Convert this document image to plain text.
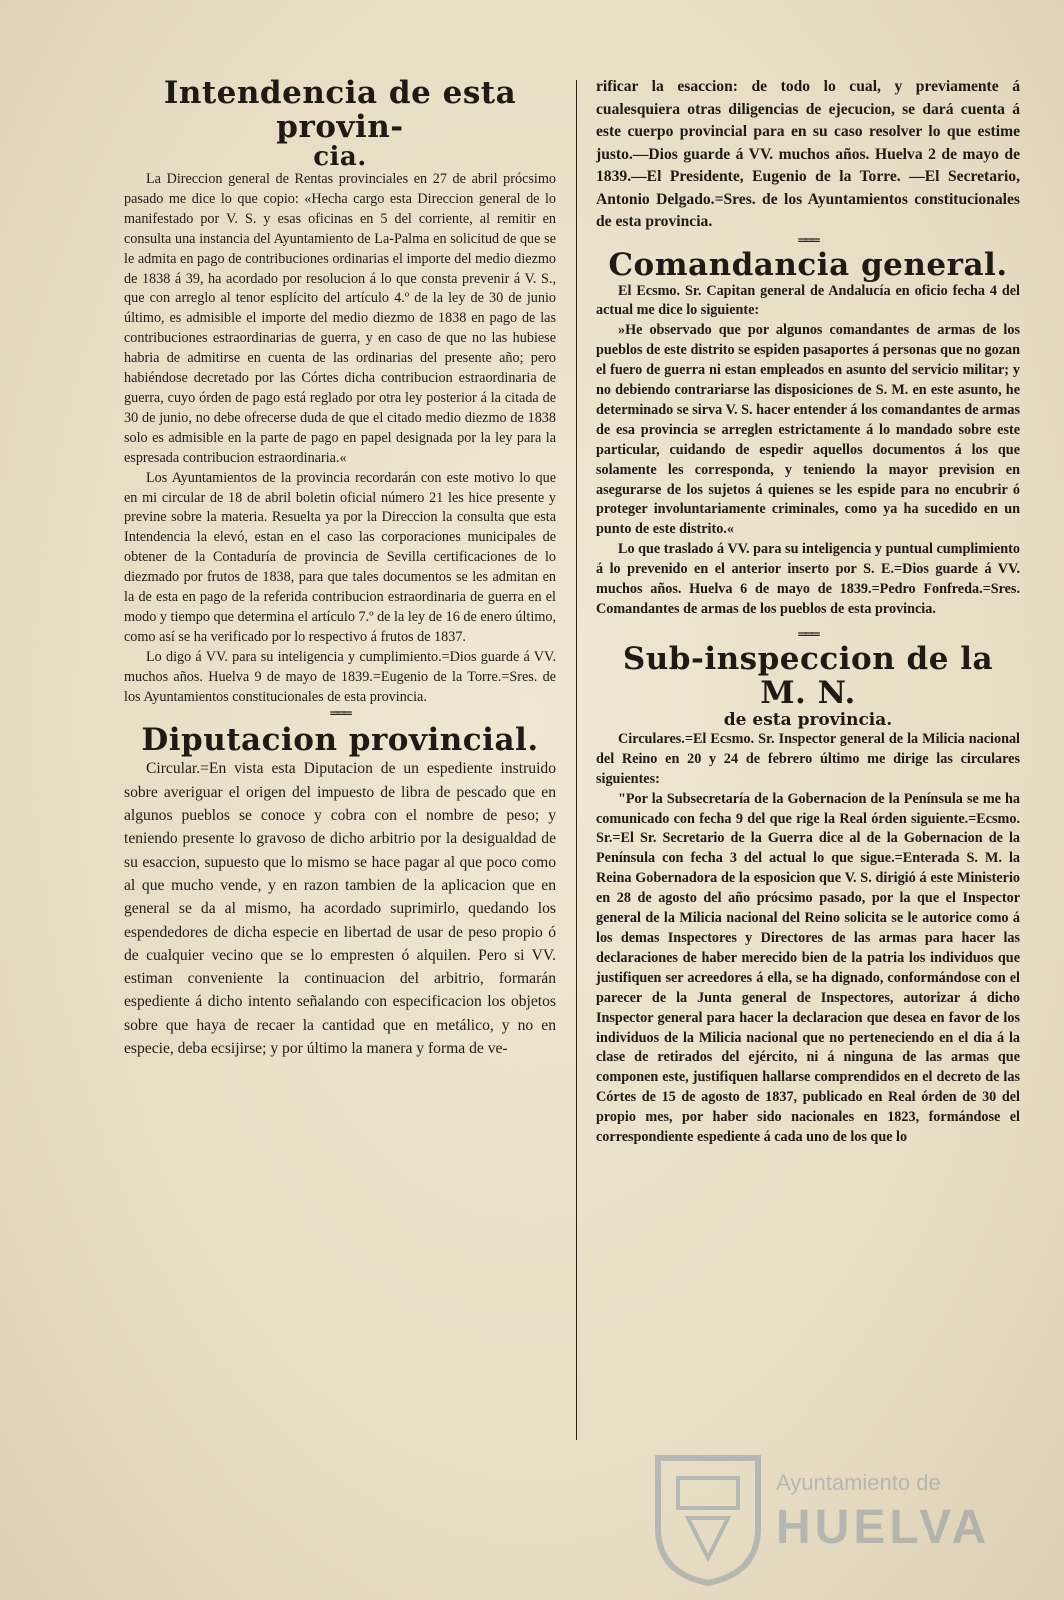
Intendencia de esta provin-
cia.

La Direccion general de Rentas provinciales en 27 de abril prócsimo pasado me dice lo que copio: «Hecha cargo esta Direccion general de lo manifestado por V. S. y esas oficinas en 5 del corriente, al remitir en consulta una instancia del Ayuntamiento de La-Palma en solicitud de que se le admita en pago de contribuciones ordinarias el importe del medio diezmo de 1838 á 39, ha acordado por resolucion á lo que consta prevenir á V. S., que con arreglo al tenor esplícito del artículo 4.º de la ley de 30 de junio último, es admisible el importe del medio diezmo de 1838 en pago de las contribuciones estraordinarias de guerra, y en caso de que no las hubiese habria de admitirse en cuenta de las ordinarias del presente año; pero habiéndose decretado por las Córtes dicha contribucion estraordinaria de guerra, cuyo órden de pago está reglado por otra ley posterior á la citada de 30 de junio, no debe ofrecerse duda de que el citado medio diezmo de 1838 solo es admisible en la parte de pago en papel designada por la ley para la espresada contribucion estraordinaria.«

Los Ayuntamientos de la provincia recordarán con este motivo lo que en mi circular de 18 de abril boletin oficial número 21 les hice presente y previne sobre la materia. Resuelta ya por la Direccion la consulta que esta Intendencia la elevó, estan en el caso las corporaciones municipales de obtener de la Contaduría de provincia de Sevilla certificaciones de lo diezmado por frutos de 1838, para que tales documentos se les admitan en la de esta en pago de la referida contribucion estraordinaria de guerra en el modo y tiempo que determina el artículo 7.º de la ley de 16 de enero último, como así se ha verificado por lo respectivo á frutos de 1837.

Lo digo á VV. para su inteligencia y cumplimiento.=Dios guarde á VV. muchos años. Huelva 9 de mayo de 1839.=Eugenio de la Torre.=Sres. de los Ayuntamientos constitucionales de esta provincia.

═══
Diputacion provincial.

Circular.=En vista esta Diputacion de un espediente instruido sobre averiguar el origen del impuesto de libra de pescado que en algunos pueblos se conoce y cobra con el nombre de peso; y teniendo presente lo gravoso de dicho arbitrio por la desigualdad de su esaccion, supuesto que lo mismo se hace pagar al que poco como al que mucho vende, y en razon tambien de la aplicacion que en general se da al mismo, ha acordado suprimirlo, quedando los espendedores de dicha especie en libertad de usar de peso propio ó de cualquier vecino que se lo empresten ó alquilen. Pero si VV. estiman conveniente la continuacion del arbitrio, formarán espediente á dicho intento señalando con especificacion los objetos sobre que haya de recaer la cantidad que en metálico, y no en especie, deba ecsijirse; y por último la manera y forma de ve-

rificar la esaccion: de todo lo cual, y previamente á cualesquiera otras diligencias de ejecucion, se dará cuenta á este cuerpo provincial para en su caso resolver lo que estime justo.—Dios guarde á VV. muchos años. Huelva 2 de mayo de 1839.—El Presidente, Eugenio de la Torre. —El Secretario, Antonio Delgado.=Sres. de los Ayuntamientos constitucionales de esta provincia.

═══
Comandancia general.

El Ecsmo. Sr. Capitan general de Andalucía en oficio fecha 4 del actual me dice lo siguiente:

»He observado que por algunos comandantes de armas de los pueblos de este distrito se espiden pasaportes á personas que no gozan el fuero de guerra ni estan empleados en asunto del servicio militar; y no debiendo contrariarse las disposiciones de S. M. en este asunto, he determinado se sirva V. S. hacer entender á los comandantes de armas de esa provincia se arreglen estrictamente á lo mandado sobre este particular, cuidando de espedir aquellos documentos á los que solamente les corresponda, y teniendo la mayor prevision en asegurarse de los sujetos á quienes se les espide para no encubrir ó proteger involuntariamente criminales, como ya ha sucedido en un punto de este distrito.«

Lo que traslado á VV. para su inteligencia y puntual cumplimiento á lo prevenido en el anterior inserto por S. E.=Dios guarde á VV. muchos años. Huelva 6 de mayo de 1839.=Pedro Fonfreda.=Sres. Comandantes de armas de los pueblos de esta provincia.

═══
Sub-inspeccion de la M. N.
de esta provincia.

Circulares.=El Ecsmo. Sr. Inspector general de la Milicia nacional del Reino en 20 y 24 de febrero último me dirige las circulares siguientes:

"Por la Subsecretaría de la Gobernacion de la Península se me ha comunicado con fecha 9 del que rige la Real órden siguiente.=Ecsmo. Sr.=El Sr. Secretario de la Guerra dice al de la Gobernacion de la Península con fecha 3 del actual lo que sigue.=Enterada S. M. la Reina Gobernadora de la esposicion que V. S. dirigió á este Ministerio en 28 de agosto del año prócsimo pasado, por la que el Inspector general de la Milicia nacional del Reino solicita se le autorice como á los demas Inspectores y Directores de las armas para hacer las declaraciones de haber merecido bien de la patria los individuos que justifiquen ser acreedores á ella, se ha dignado, conformándose con el parecer de la Junta general de Inspectores, autorizar á dicho Inspector general para hacer la declaracion que desea en favor de los individuos de la Milicia nacional que no perteneciendo en el dia á la clase de retirados del ejército, ni á ninguna de las armas que componen este, justifiquen hallarse comprendidos en el decreto de las Córtes de 15 de agosto de 1837, publicado en Real órden de 30 del propio mes, por haber sido nacionales en 1823, formándose el correspondiente espediente á cada uno de los que lo

Ayuntamiento de
HUELVA
